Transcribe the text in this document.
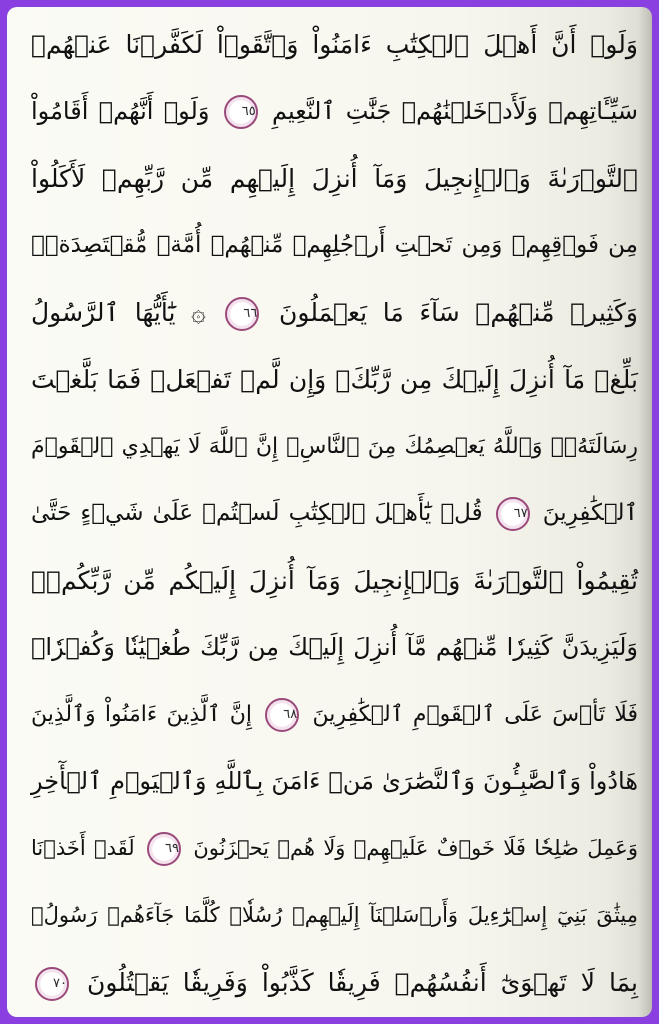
وَلَوۡ أَنَّ أَهۡلَ ٱلۡكِتَٰبِ ءَامَنُواْ وَٱتَّقَوۡاْ لَكَفَّرۡنَا عَنۡهُمۡ
سَيِّـَٔاتِهِمۡ وَلَأَدۡخَلۡنَٰهُمۡ جَنَّٰتِ ٱلنَّعِيمِ ٦٥ وَلَوۡ أَنَّهُمۡ أَقَامُواْ
ٱلتَّوۡرَىٰةَ وَٱلۡإِنجِيلَ وَمَآ أُنزِلَ إِلَيۡهِم مِّن رَّبِّهِمۡ لَأَكَلُواْ
مِن فَوۡقِهِمۡ وَمِن تَحۡتِ أَرۡجُلِهِمۚ مِّنۡهُمۡ أُمَّةٞ مُّقۡتَصِدَةٞۖ
وَكَثِيرٞ مِّنۡهُمۡ سَآءَ مَا يَعۡمَلُونَ ٦٦ ۞ يَٰٓأَيُّهَا ٱلرَّسُولُ
بَلِّغۡ مَآ أُنزِلَ إِلَيۡكَ مِن رَّبِّكَۖ وَإِن لَّمۡ تَفۡعَلۡ فَمَا بَلَّغۡتَ
رِسَالَتَهُۥۚ وَٱللَّهُ يَعۡصِمُكَ مِنَ ٱلنَّاسِۗ إِنَّ ٱللَّهَ لَا يَهۡدِي ٱلۡقَوۡمَ
ٱلۡكَٰفِرِينَ ٦٧ قُلۡ يَٰٓأَهۡلَ ٱلۡكِتَٰبِ لَسۡتُمۡ عَلَىٰ شَيۡءٍ حَتَّىٰ
تُقِيمُواْ ٱلتَّوۡرَىٰةَ وَٱلۡإِنجِيلَ وَمَآ أُنزِلَ إِلَيۡكُم مِّن رَّبِّكُمۡۗ
وَلَيَزِيدَنَّ كَثِيرٗا مِّنۡهُم مَّآ أُنزِلَ إِلَيۡكَ مِن رَّبِّكَ طُغۡيَٰنٗا وَكُفۡرٗاۖ
فَلَا تَأۡسَ عَلَى ٱلۡقَوۡمِ ٱلۡكَٰفِرِينَ ٦٨ إِنَّ ٱلَّذِينَ ءَامَنُواْ وَٱلَّذِينَ
هَادُواْ وَٱلصَّٰبِـُٔونَ وَٱلنَّصَٰرَىٰ مَنۡ ءَامَنَ بِٱللَّهِ وَٱلۡيَوۡمِ ٱلۡأٓخِرِ
وَعَمِلَ صَٰلِحٗا فَلَا خَوۡفٌ عَلَيۡهِمۡ وَلَا هُمۡ يَحۡزَنُونَ ٦٩ لَقَدۡ أَخَذۡنَا
مِيثَٰقَ بَنِيٓ إِسۡرَٰٓءِيلَ وَأَرۡسَلۡنَآ إِلَيۡهِمۡ رُسُلٗاۖ كُلَّمَا جَآءَهُمۡ رَسُولُۢ
بِمَا لَا تَهۡوَىٰٓ أَنفُسُهُمۡ فَرِيقٗا كَذَّبُواْ وَفَرِيقٗا يَقۡتُلُونَ ٧٠
